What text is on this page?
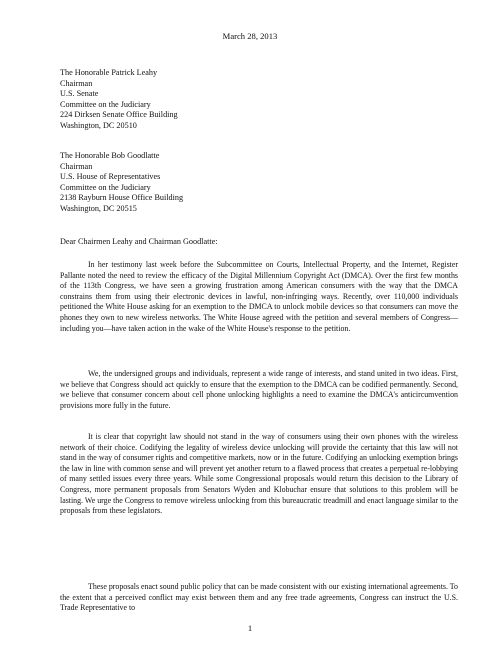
March 28, 2013
The Honorable Patrick Leahy
Chairman
U.S. Senate
Committee on the Judiciary
224 Dirksen Senate Office Building
Washington, DC 20510
The Honorable Bob Goodlatte
Chairman
U.S. House of Representatives
Committee on the Judiciary
2138 Rayburn House Office Building
Washington, DC 20515
Dear Chairmen Leahy and Chairman Goodlatte:

In her testimony last week before the Subcommittee on Courts, Intellectual Property, and the Internet, Register Pallante noted the need to review the efficacy of the Digital Millennium Copyright Act (DMCA). Over the first few months of the 113th Congress, we have seen a growing frustration among American consumers with the way that the DMCA constrains them from using their electronic devices in lawful, non-infringing ways. Recently, over 110,000 individuals petitioned the White House asking for an exemption to the DMCA to unlock mobile devices so that consumers can move the phones they own to new wireless networks. The White House agreed with the petition and several members of Congress—including you—have taken action in the wake of the White House's response to the petition.

We, the undersigned groups and individuals, represent a wide range of interests, and stand united in two ideas. First, we believe that Congress should act quickly to ensure that the exemption to the DMCA can be codified permanently. Second, we believe that consumer concern about cell phone unlocking highlights a need to examine the DMCA's anticircumvention provisions more fully in the future.

It is clear that copyright law should not stand in the way of consumers using their own phones with the wireless network of their choice. Codifying the legality of wireless device unlocking will provide the certainty that this law will not stand in the way of consumer rights and competitive markets, now or in the future. Codifying an unlocking exemption brings the law in line with common sense and will prevent yet another return to a flawed process that creates a perpetual re-lobbying of many settled issues every three years. While some Congressional proposals would return this decision to the Library of Congress, more permanent proposals from Senators Wyden and Klobuchar ensure that solutions to this problem will be lasting. We urge the Congress to remove wireless unlocking from this bureaucratic treadmill and enact language similar to the proposals from these legislators.

These proposals enact sound public policy that can be made consistent with our existing international agreements. To the extent that a perceived conflict may exist between them and any free trade agreements, Congress can instruct the U.S. Trade Representative to

1
